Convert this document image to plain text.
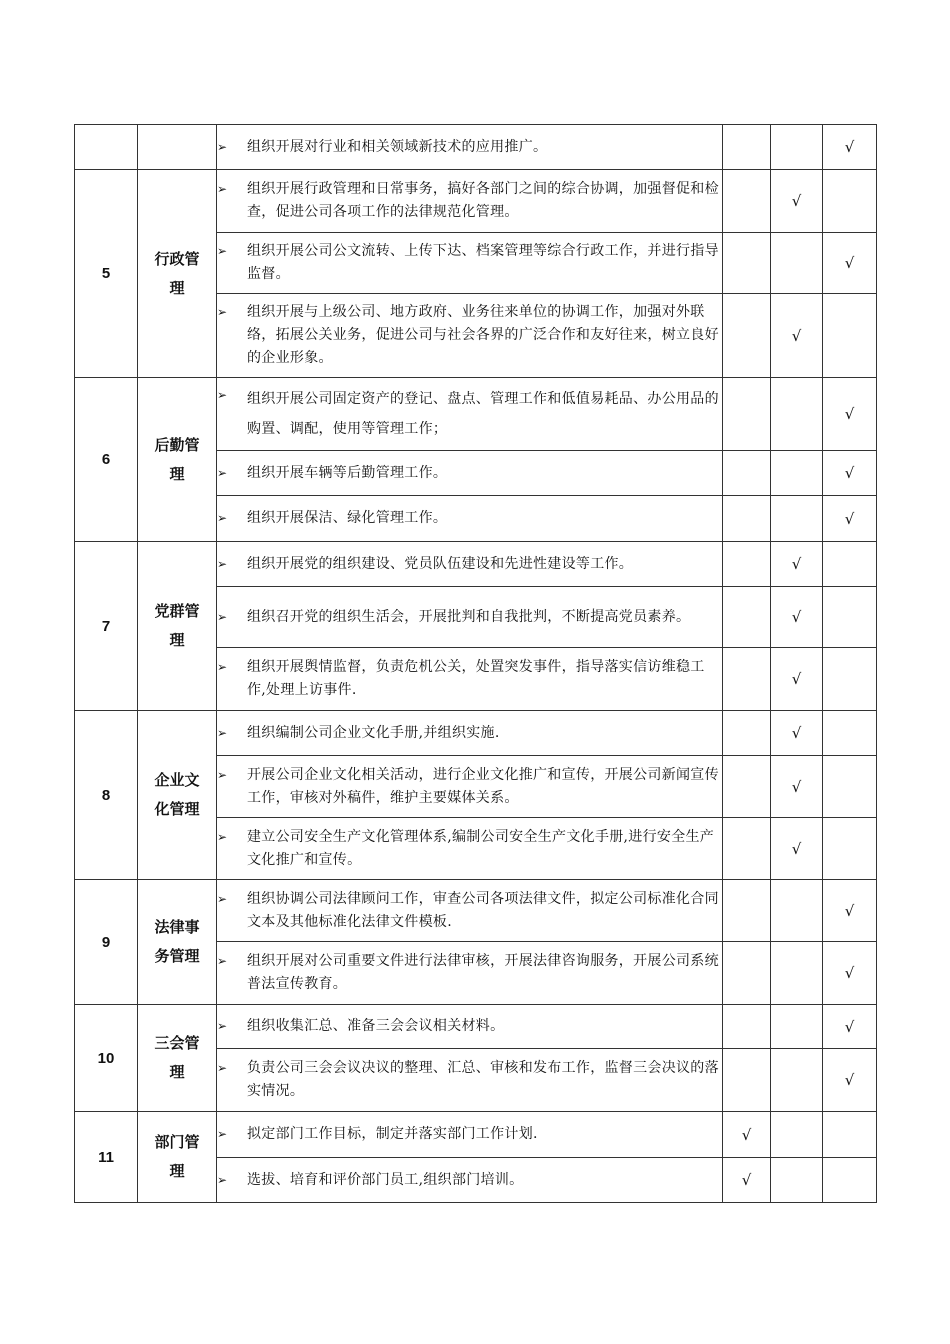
		➢ 组织开展对行业和相关领域新技术的应用推广。			√
5	行政管理	➢ 组织开展行政管理和日常事务，搞好各部门之间的综合协调，加强督促和检查，促进公司各项工作的法律规范化管理。		√	

		➢ 组织开展公司公文流转、上传下达、档案管理等综合行政工作，并进行指导监督。			√

		➢ 组织开展与上级公司、地方政府、业务往来单位的协调工作，加强对外联络，拓展公关业务，促进公司与社会各界的广泛合作和友好往来，树立良好的企业形象。		√	
6	后勤管理	➢ 组织开展公司固定资产的登记、盘点、管理工作和低值易耗品、办公用品的购置、调配，使用等管理工作；			√

		➢ 组织开展车辆等后勤管理工作。			√

		➢ 组织开展保洁、绿化管理工作。			√
7	党群管理	➢ 组织开展党的组织建设、党员队伍建设和先进性建设等工作。		√	

		➢ 组织召开党的组织生活会，开展批判和自我批判，不断提高党员素养。		√	

		➢ 组织开展舆情监督，负责危机公关，处置突发事件，指导落实信访维稳工作,处理上访事件.		√	
8	企业文化管理	➢ 组织编制公司企业文化手册,并组织实施.		√	

		➢ 开展公司企业文化相关活动，进行企业文化推广和宣传，开展公司新闻宣传工作，审核对外稿件，维护主要媒体关系。		√	

		➢ 建立公司安全生产文化管理体系,编制公司安全生产文化手册,进行安全生产文化推广和宣传。		√	
9	法律事务管理	➢ 组织协调公司法律顾问工作，审查公司各项法律文件，拟定公司标准化合同文本及其他标准化法律文件模板.			√

		➢ 组织开展对公司重要文件进行法律审核，开展法律咨询服务，开展公司系统普法宣传教育。			√
10	三会管理	➢ 组织收集汇总、准备三会会议相关材料。			√

		➢ 负责公司三会会议决议的整理、汇总、审核和发布工作，监督三会决议的落实情况。			√
11	部门管理	➢ 拟定部门工作目标，制定并落实部门工作计划.	√		

		➢ 选拔、培育和评价部门员工,组织部门培训。	√		
